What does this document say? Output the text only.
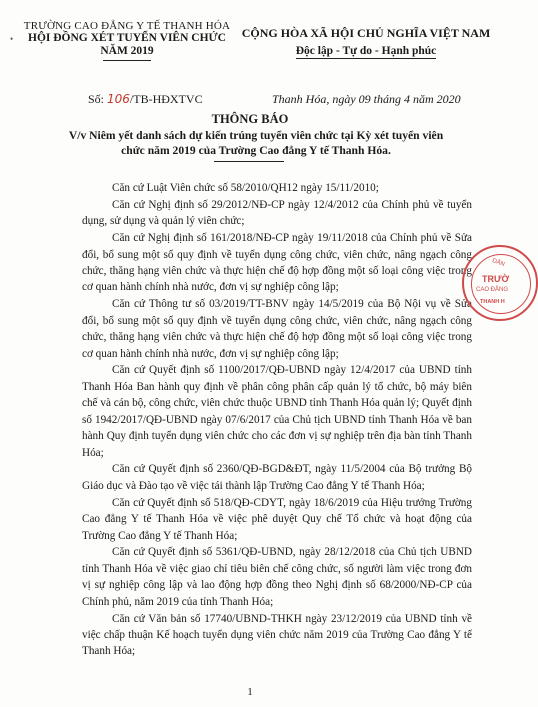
•
TRƯỜNG CAO ĐẲNG Y TẾ THANH HÓA
HỘI ĐỒNG XÉT TUYỂN VIÊN CHỨC
NĂM 2019
CỘNG HÒA XÃ HỘI CHỦ NGHĨA VIỆT NAM
Độc lập - Tự do - Hạnh phúc
Số: 106/TB-HĐXTVC	Thanh Hóa, ngày 09 tháng 4 năm 2020
THÔNG BÁO
V/v Niêm yết danh sách dự kiến trúng tuyển viên chức tại Kỳ xét tuyển viên
chức năm 2019 của Trường Cao đẳng Y tế Thanh Hóa.

Căn cứ Luật Viên chức số 58/2010/QH12 ngày 15/11/2010;

Căn cứ Nghị định số 29/2012/NĐ-CP ngày 12/4/2012 của Chính phủ về tuyển dụng, sử dụng và quản lý viên chức;

Căn cứ Nghị định số 161/2018/NĐ-CP ngày 19/11/2018 của Chính phủ về Sửa đổi, bổ sung một số quy định về tuyển dụng công chức, viên chức, nâng ngạch công chức, thăng hạng viên chức và thực hiện chế độ hợp đồng một số loại công việc trong cơ quan hành chính nhà nước, đơn vị sự nghiệp công lập;

Căn cứ Thông tư số 03/2019/TT-BNV ngày 14/5/2019 của Bộ Nội vụ về Sửa đổi, bổ sung một số quy định về tuyển dụng công chức, viên chức, nâng ngạch công chức, thăng hạng viên chức và thực hiện chế độ hợp đồng một số loại công việc trong cơ quan hành chính nhà nước, đơn vị sự nghiệp công lập;

Căn cứ Quyết định số 1100/2017/QĐ-UBND ngày 12/4/2017 của UBND tỉnh Thanh Hóa Ban hành quy định về phân công phân cấp quản lý tổ chức, bộ máy biên chế và cán bộ, công chức, viên chức thuộc UBND tỉnh Thanh Hóa quản lý; Quyết định số 1942/2017/QĐ-UBND ngày 07/6/2017 của Chủ tịch UBND tỉnh Thanh Hóa về ban hành Quy định tuyển dụng viên chức cho các đơn vị sự nghiệp trên địa bàn tỉnh Thanh Hóa;

Căn cứ Quyết định số 2360/QĐ-BGD&ĐT, ngày 11/5/2004 của Bộ trưởng Bộ Giáo dục và Đào tạo về việc tái thành lập Trường Cao đẳng Y tế Thanh Hóa;

Căn cứ Quyết định số 518/QĐ-CDYT, ngày 18/6/2019 của Hiệu trưởng Trường Cao đẳng Y tế Thanh Hóa về việc phê duyệt Quy chế Tổ chức và hoạt động của Trường Cao đẳng Y tế Thanh Hóa;

Căn cứ Quyết định số 5361/QĐ-UBND, ngày 28/12/2018 của Chủ tịch UBND tỉnh Thanh Hóa về việc giao chỉ tiêu biên chế công chức, số người làm việc trong đơn vị sự nghiệp công lập và lao động hợp đồng theo Nghị định số 68/2000/NĐ-CP của Chính phủ, năm 2019 của tỉnh Thanh Hóa;

Căn cứ Văn bản số 17740/UBND-THKH ngày 23/12/2019 của UBND tỉnh về việc chấp thuận Kế hoạch tuyển dụng viên chức năm 2019 của Trường Cao đẳng Y tế Thanh Hóa;

DÂN
TRƯỜ
CAO ĐẲNG
THANH H
1
